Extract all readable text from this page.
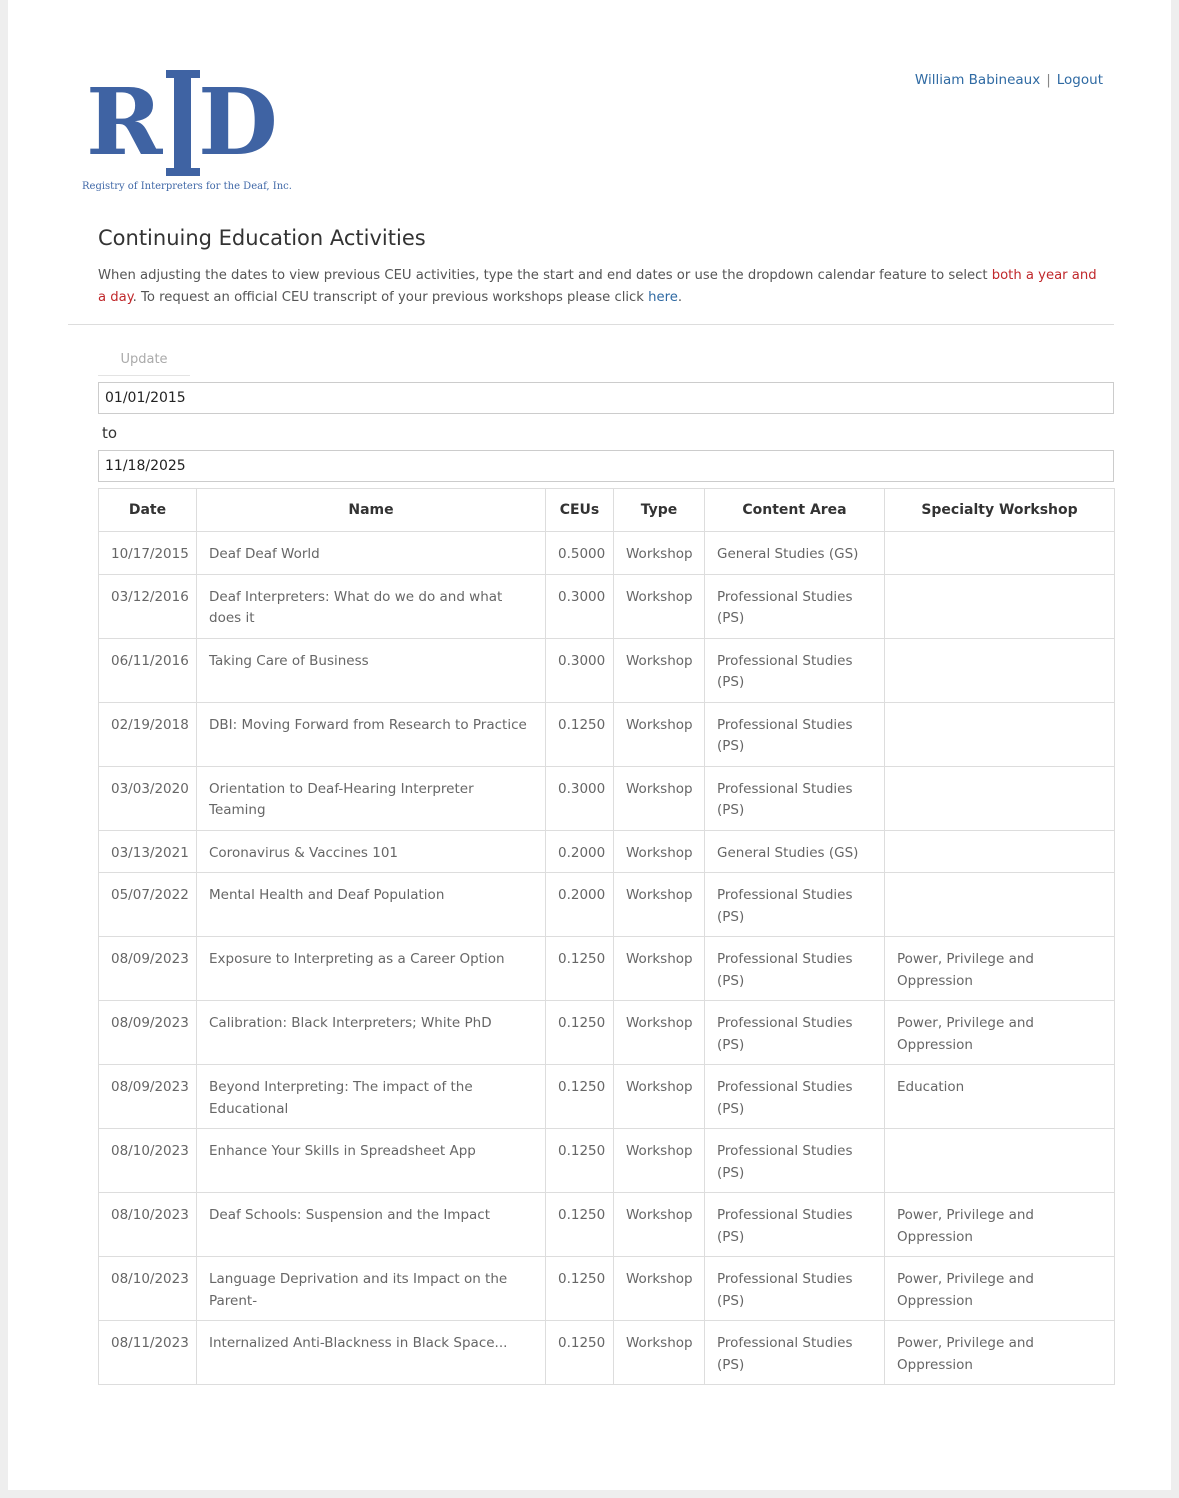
R D
Registry of Interpreters for the Deaf, Inc.
William Babineaux | Logout
Continuing Education Activities

When adjusting the dates to view previous CEU activities, type the start and end dates or use the dropdown calendar feature to select both a year and a day. To request an official CEU transcript of your previous workshops please click here.

Update
01/01/2015
to
11/18/2025
Date	Name	CEUs	Type	Content Area	Specialty Workshop
10/17/2015	Deaf Deaf World	0.5000	Workshop	General Studies (GS)	
03/12/2016	Deaf Interpreters: What do we do and what does it	0.3000	Workshop	Professional Studies (PS)	
06/11/2016	Taking Care of Business	0.3000	Workshop	Professional Studies (PS)	
02/19/2018	DBI: Moving Forward from Research to Practice	0.1250	Workshop	Professional Studies (PS)	
03/03/2020	Orientation to Deaf-Hearing Interpreter Teaming	0.3000	Workshop	Professional Studies (PS)	
03/13/2021	Coronavirus & Vaccines 101	0.2000	Workshop	General Studies (GS)	
05/07/2022	Mental Health and Deaf Population	0.2000	Workshop	Professional Studies (PS)	
08/09/2023	Exposure to Interpreting as a Career Option	0.1250	Workshop	Professional Studies (PS)	Power, Privilege and Oppression
08/09/2023	Calibration: Black Interpreters; White PhD	0.1250	Workshop	Professional Studies (PS)	Power, Privilege and Oppression
08/09/2023	Beyond Interpreting: The impact of the Educational	0.1250	Workshop	Professional Studies (PS)	Education
08/10/2023	Enhance Your Skills in Spreadsheet App	0.1250	Workshop	Professional Studies (PS)	
08/10/2023	Deaf Schools: Suspension and the Impact	0.1250	Workshop	Professional Studies (PS)	Power, Privilege and Oppression
08/10/2023	Language Deprivation and its Impact on the Parent-	0.1250	Workshop	Professional Studies (PS)	Power, Privilege and Oppression
08/11/2023	Internalized Anti-Blackness in Black Space...	0.1250	Workshop	Professional Studies (PS)	Power, Privilege and Oppression
